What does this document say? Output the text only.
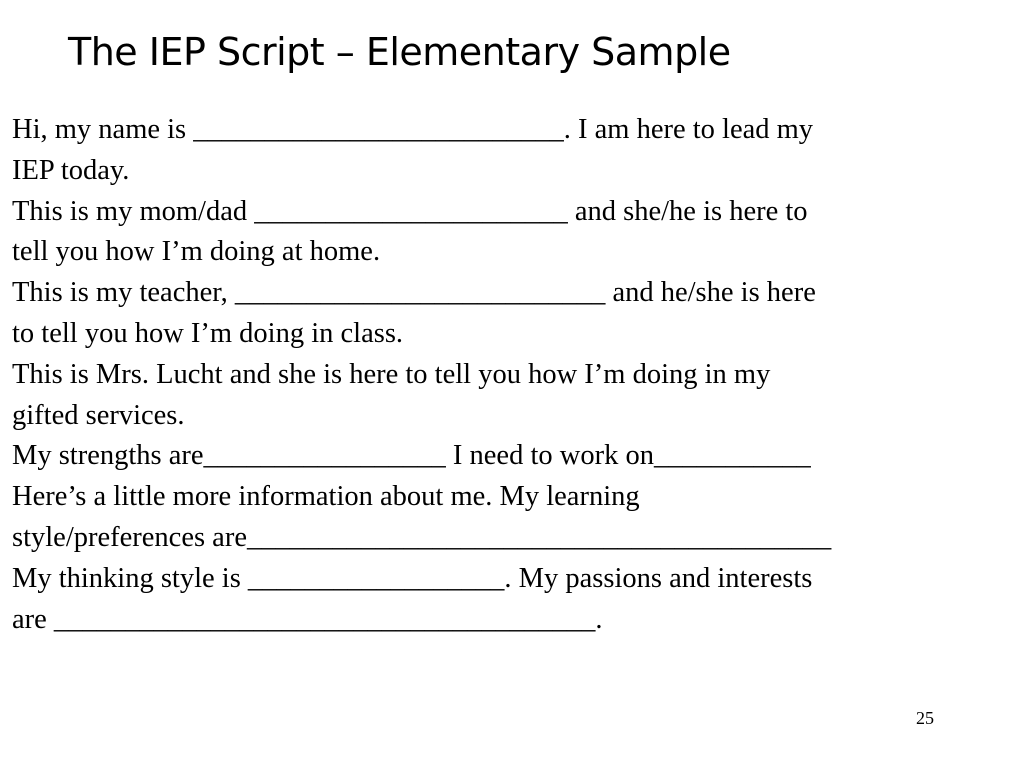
The IEP Script – Elementary Sample

Hi, my name is __________________________. I am here to lead my

IEP today.

This is my mom/dad ______________________ and she/he is here to

tell you how I’m doing at home.

This is my teacher, __________________________ and he/she is here

to tell you how I’m doing in class.

This is Mrs. Lucht and she is here to tell you how I’m doing in my

gifted services.

My strengths are_________________ I need to work on___________

Here’s a little more information about me. My learning

style/preferences are_________________________________________

My thinking style is __________________. My passions and interests

are ______________________________________.

25
